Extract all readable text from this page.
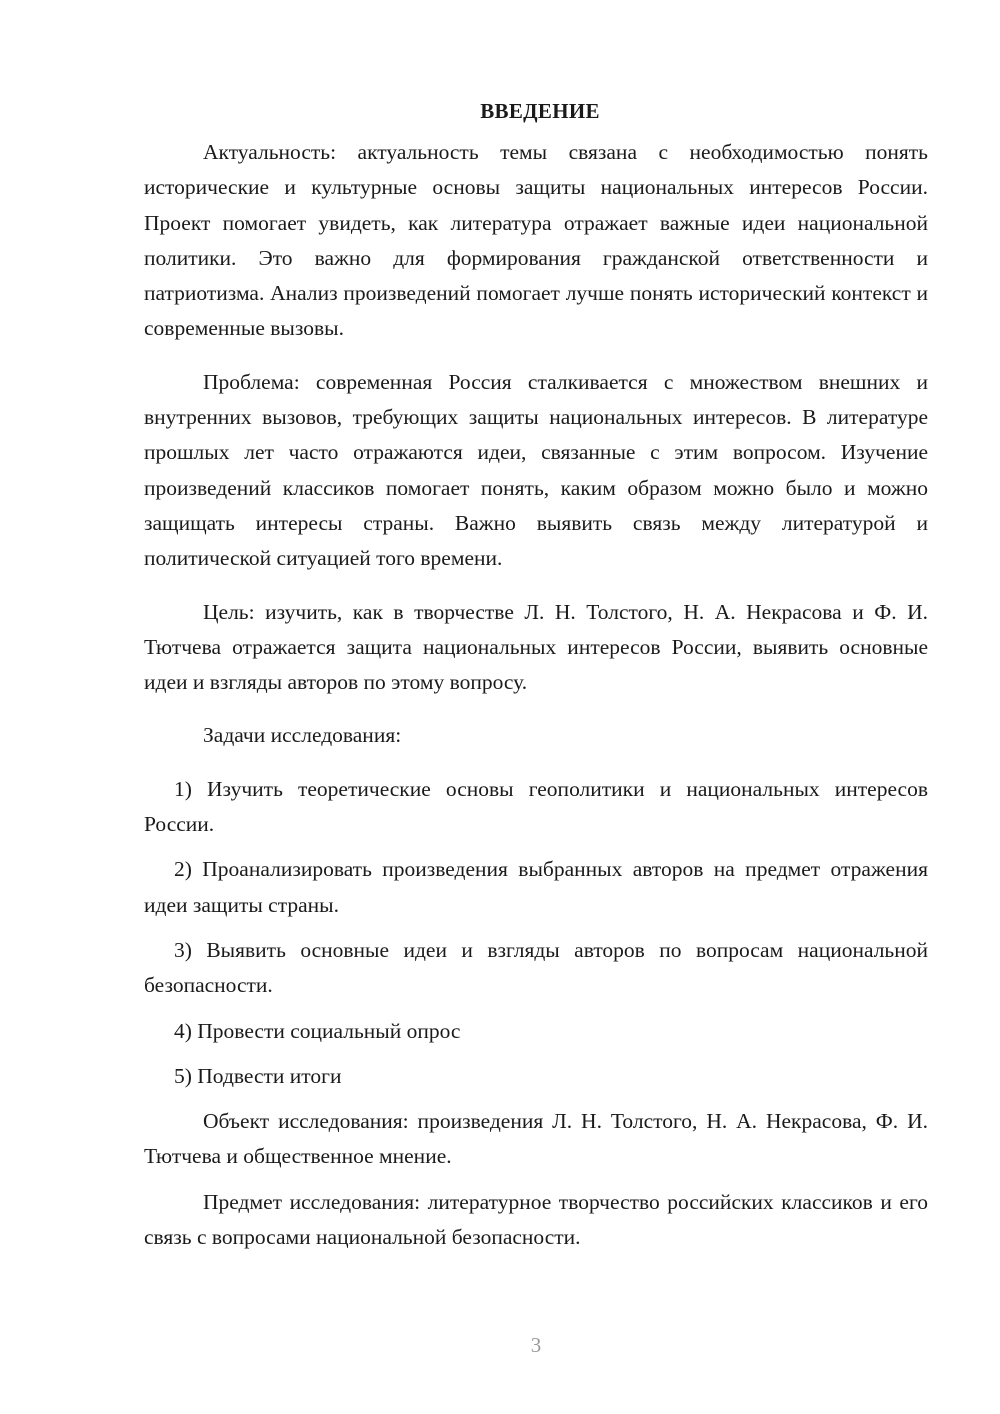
ВВЕДЕНИЕ

Актуальность: актуальность темы связана с необходимостью понять исторические и культурные основы защиты национальных интересов России. Проект помогает увидеть, как литература отражает важные идеи национальной политики. Это важно для формирования гражданской ответственности и патриотизма. Анализ произведений помогает лучше понять исторический контекст и современные вызовы.

Проблема: современная Россия сталкивается с множеством внешних и внутренних вызовов, требующих защиты национальных интересов. В литературе прошлых лет часто отражаются идеи, связанные с этим вопросом. Изучение произведений классиков помогает понять, каким образом можно было и можно защищать интересы страны. Важно выявить связь между литературой и политической ситуацией того времени.

Цель: изучить, как в творчестве Л. Н. Толстого, Н. А. Некрасова и Ф. И. Тютчева отражается защита национальных интересов России, выявить основные идеи и взгляды авторов по этому вопросу.

Задачи исследования:

1) Изучить теоретические основы геополитики и национальных интересов России.

2) Проанализировать произведения выбранных авторов на предмет отражения идеи защиты страны.

3) Выявить основные идеи и взгляды авторов по вопросам национальной безопасности.

4) Провести социальный опрос

5) Подвести итоги

Объект исследования: произведения Л. Н. Толстого, Н. А. Некрасова, Ф. И. Тютчева и общественное мнение.

Предмет исследования: литературное творчество российских классиков и его связь с вопросами национальной безопасности.

3
